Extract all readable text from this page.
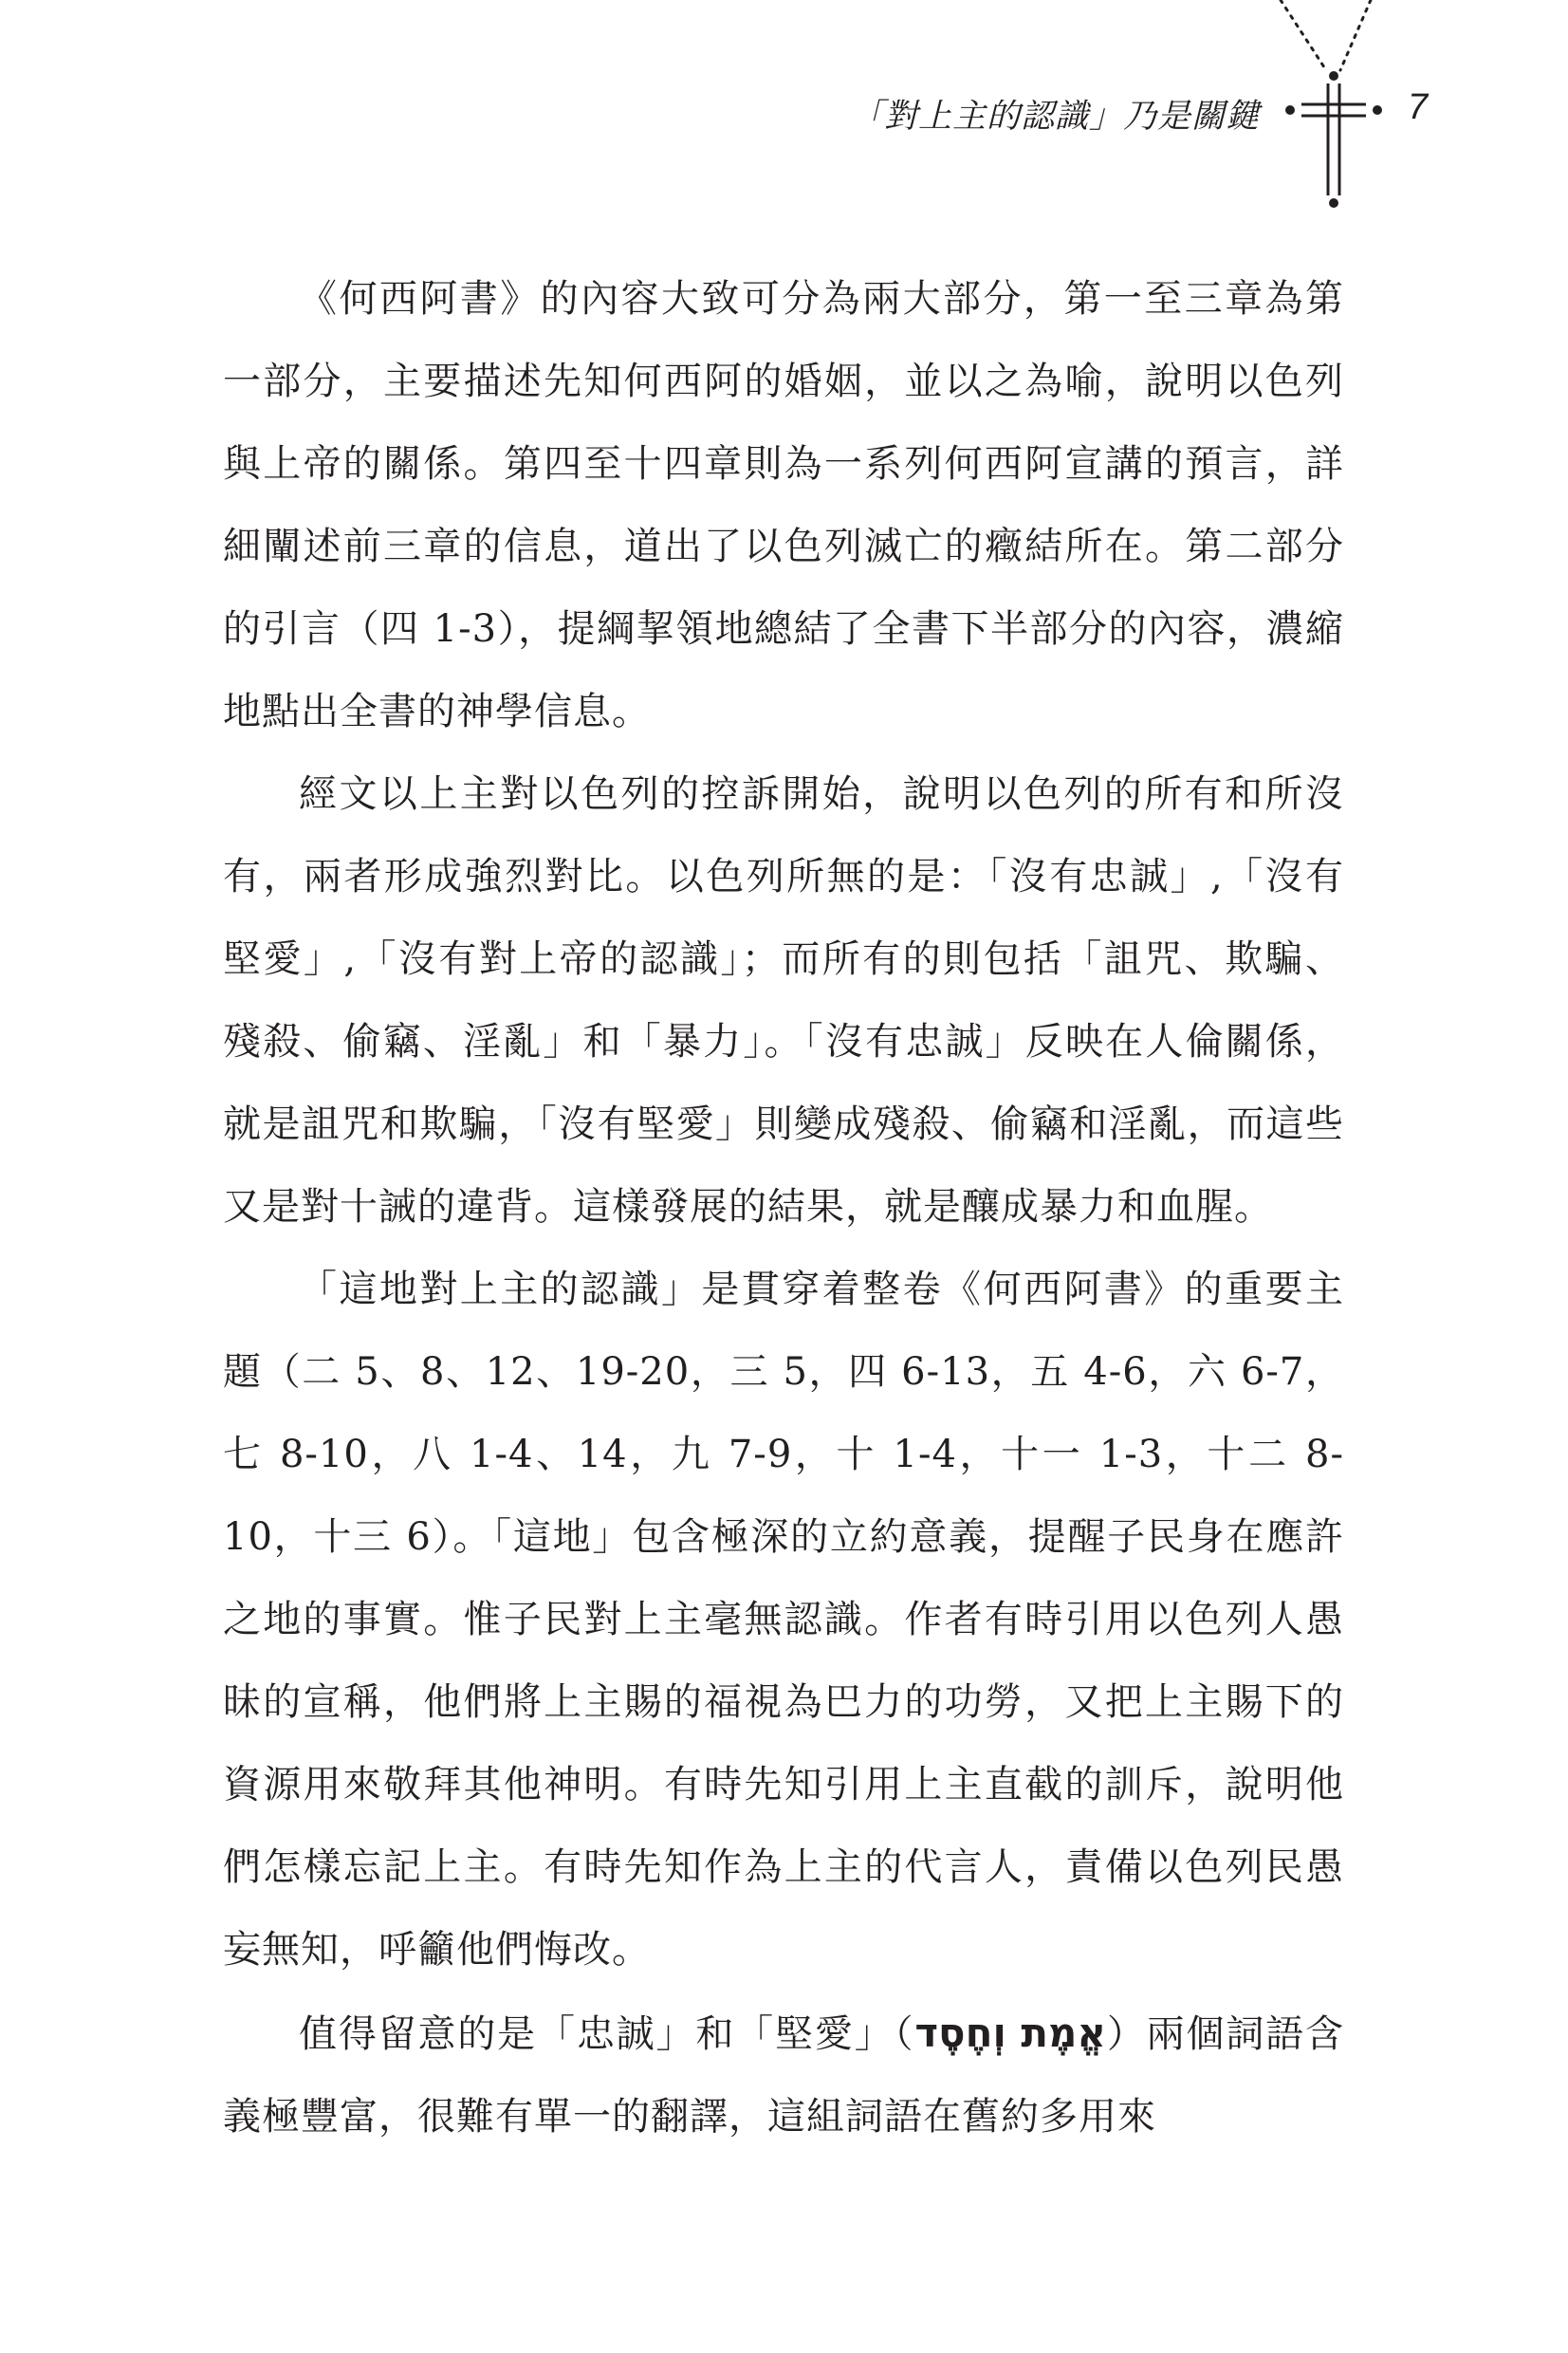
「對上主的認識」乃是關鍵	7

《何西阿書》的內容大致可分為兩大部分，第一至三章為第一部分，主要描述先知何西阿的婚姻，並以之為喻，說明以色列與上帝的關係。第四至十四章則為一系列何西阿宣講的預言，詳細闡述前三章的信息，道出了以色列滅亡的癥結所在。第二部分的引言（四 1-3），提綱挈領地總結了全書下半部分的內容，濃縮地點出全書的神學信息。

經文以上主對以色列的控訴開始，說明以色列的所有和所沒有，兩者形成強烈對比。以色列所無的是：「沒有忠誠」,「沒有堅愛」,「沒有對上帝的認識」；而所有的則包括「詛咒、欺騙、殘殺、偷竊、淫亂」和「暴力」。「沒有忠誠」反映在人倫關係，就是詛咒和欺騙，「沒有堅愛」則變成殘殺、偷竊和淫亂，而這些又是對十誡的違背。這樣發展的結果，就是釀成暴力和血腥。

「這地對上主的認識」是貫穿着整卷《何西阿書》的重要主題（二 5、8、12、19-20，三 5，四 6-13，五 4-6，六 6-7，七 8-10，八 1-4、14，九 7-9，十 1-4，十一 1-3，十二 8-10，十三 6）。「這地」包含極深的立約意義，提醒子民身在應許之地的事實。惟子民對上主毫無認識。作者有時引用以色列人愚昧的宣稱，他們將上主賜的福視為巴力的功勞，又把上主賜下的資源用來敬拜其他神明。有時先知引用上主直截的訓斥，說明他們怎樣忘記上主。有時先知作為上主的代言人，責備以色列民愚妄無知，呼籲他們悔改。

值得留意的是「忠誠」和「堅愛」（אֱמֶת וְחֶסֶד）兩個詞語含義極豐富，很難有單一的翻譯，這組詞語在舊約多用來
